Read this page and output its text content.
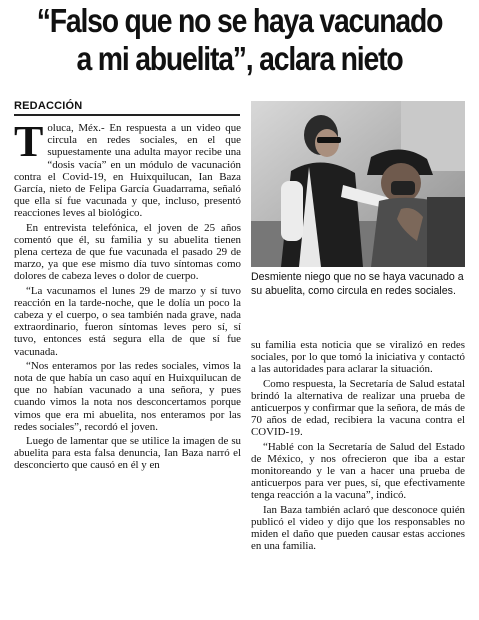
“Falso que no se haya vacunado
a mi abuelita”, aclara nieto
REDACCIÓN

Desmiente niego que no se haya vacunado a su abuelita, como circula en redes sociales.

Toluca, Méx.- En respuesta a un video que circula en redes sociales, en el que supuestamente una adulta mayor recibe una “dosis vacía” en un módulo de vacunación contra el Covid-19, en Huixquilucan, Ian Baza García, nieto de Felipa García Guadarrama, señaló que ella sí fue vacunada y que, incluso, presentó reacciones leves al biológico.

En entrevista telefónica, el joven de 25 años comentó que él, su familia y su abuelita tienen plena certeza de que fue vacunada el pasado 29 de marzo, ya que ese mismo día tuvo síntomas como dolores de cabeza leves o dolor de cuerpo.

“La vacunamos el lunes 29 de marzo y sí tuvo reacción en la tarde-noche, que le dolía un poco la cabeza y el cuerpo, o sea también nada grave, nada extraordinario, fueron síntomas leves pero sí, sí tuvo, entonces está segura ella de que sí fue vacunada.

“Nos enteramos por las redes sociales, vimos la nota de que había un caso aquí en Huixquilucan de que no habían vacunado a una señora, y pues cuando vimos la nota nos desconcertamos porque vimos que era mi abuelita, nos enteramos por las redes sociales”, recordó el joven.

Luego de lamentar que se utilice la imagen de su abuelita para esta falsa denuncia, Ian Baza narró el desconcierto que causó en él y en

su familia esta noticia que se viralizó en redes sociales, por lo que tomó la iniciativa y contactó a las autoridades para aclarar la situación.

Como respuesta, la Secretaría de Salud estatal brindó la alternativa de realizar una prueba de anticuerpos y confirmar que la señora, de más de 70 años de edad, recibiera la vacuna contra el COVID-19.

“Hablé con la Secretaría de Salud del Estado de México, y nos ofrecieron que iba a estar monitoreando y le van a hacer una prueba de anticuerpos para ver pues, sí, que efectivamente tenga reacción a la vacuna”, indicó.

Ian Baza también aclaró que desconoce quién publicó el video y dijo que los responsables no miden el daño que pueden causar estas acciones en una familia.
